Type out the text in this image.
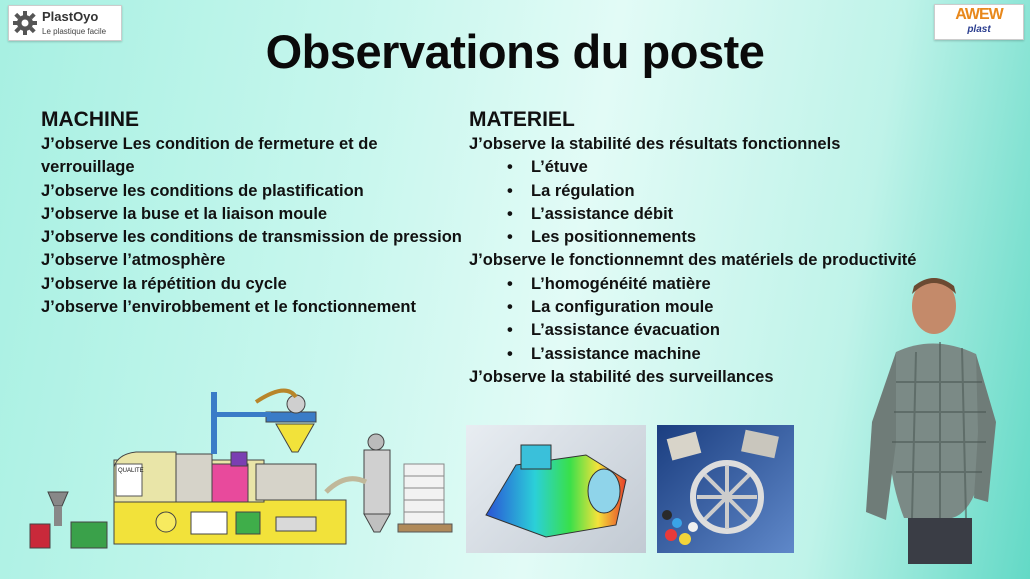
PlastOyo
Le plastique facile
AWEW
plast
Observations du poste
MACHINE

J’observe Les condition de fermeture et de verrouillage

J’observe les conditions de plastification

J’observe la buse et la liaison moule

J’observe les conditions de transmission de pression

J’observe l’atmosphère

J’observe la répétition du cycle

J’observe l’envirobbement et le fonctionnement

MATERIEL

J’observe la stabilité des résultats fonctionnels

• L’étuve
• La régulation
• L’assistance débit
• Les positionnements

J’observe le fonctionnemnt des matériels de productivité

• L’homogénéité matière
• La configuration moule
• L’assistance évacuation
• L’assistance machine

J’observe la stabilité des surveillances

QUALITE
